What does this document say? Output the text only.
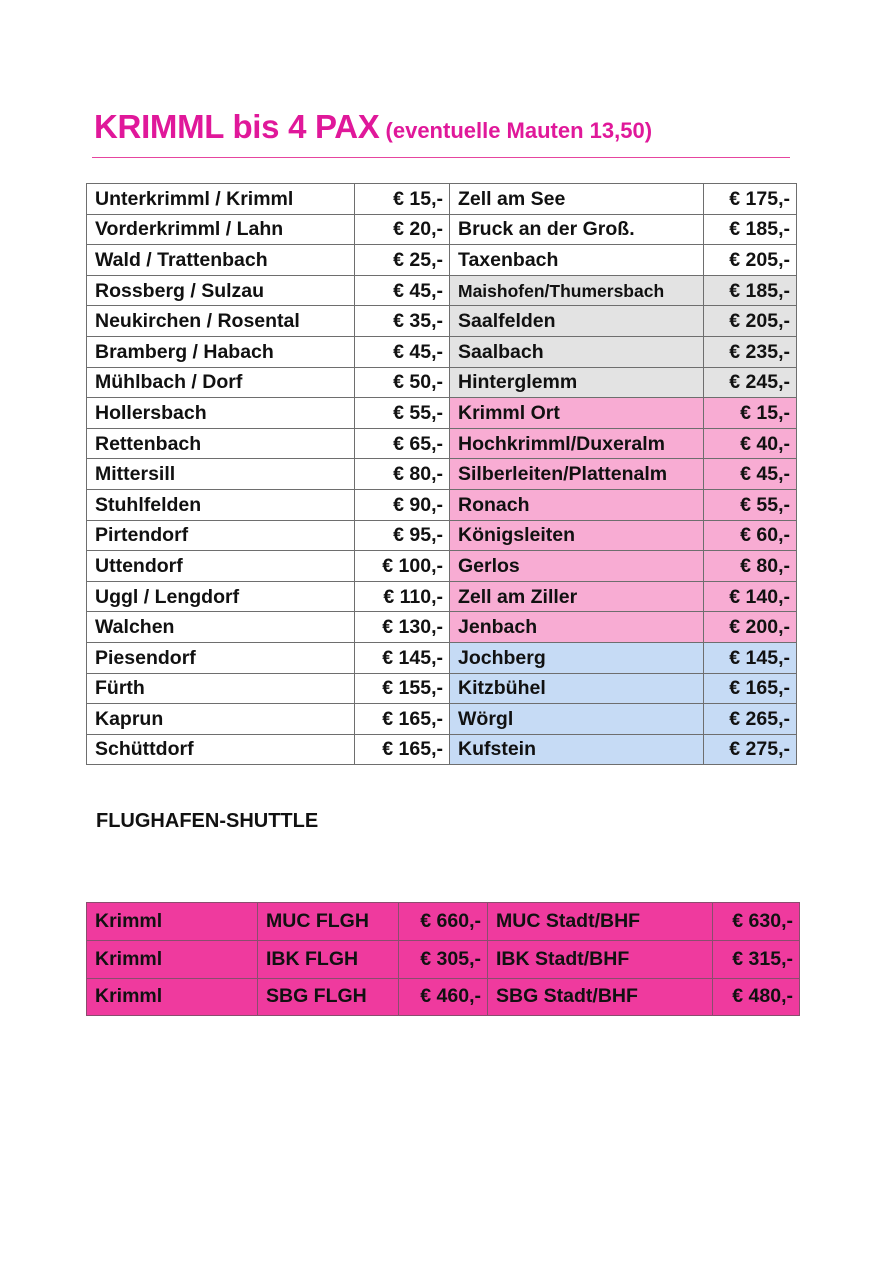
KRIMML bis 4 PAX (eventuelle Mauten 13,50)
Unterkrimml / Krimml	€ 15,-	Zell am See	€ 175,-
Vorderkrimml / Lahn	€ 20,-	Bruck an der Groß.	€ 185,-
Wald / Trattenbach	€ 25,-	Taxenbach	€ 205,-
Rossberg / Sulzau	€ 45,-	Maishofen/Thumersbach	€ 185,-
Neukirchen / Rosental	€ 35,-	Saalfelden	€ 205,-
Bramberg / Habach	€ 45,-	Saalbach	€ 235,-
Mühlbach / Dorf	€ 50,-	Hinterglemm	€ 245,-
Hollersbach	€ 55,-	Krimml Ort	€ 15,-
Rettenbach	€ 65,-	Hochkrimml/Duxeralm	€ 40,-
Mittersill	€ 80,-	Silberleiten/Plattenalm	€ 45,-
Stuhlfelden	€ 90,-	Ronach	€ 55,-
Pirtendorf	€ 95,-	Königsleiten	€ 60,-
Uttendorf	€ 100,-	Gerlos	€ 80,-
Uggl / Lengdorf	€ 110,-	Zell am Ziller	€ 140,-
Walchen	€ 130,-	Jenbach	€ 200,-
Piesendorf	€ 145,-	Jochberg	€ 145,-
Fürth	€ 155,-	Kitzbühel	€ 165,-
Kaprun	€ 165,-	Wörgl	€ 265,-
Schüttdorf	€ 165,-	Kufstein	€ 275,-
FLUGHAFEN-SHUTTLE
Krimml	MUC FLGH	€ 660,-	MUC Stadt/BHF	€ 630,-
Krimml	IBK FLGH	€ 305,-	IBK Stadt/BHF	€ 315,-
Krimml	SBG FLGH	€ 460,-	SBG Stadt/BHF	€ 480,-
